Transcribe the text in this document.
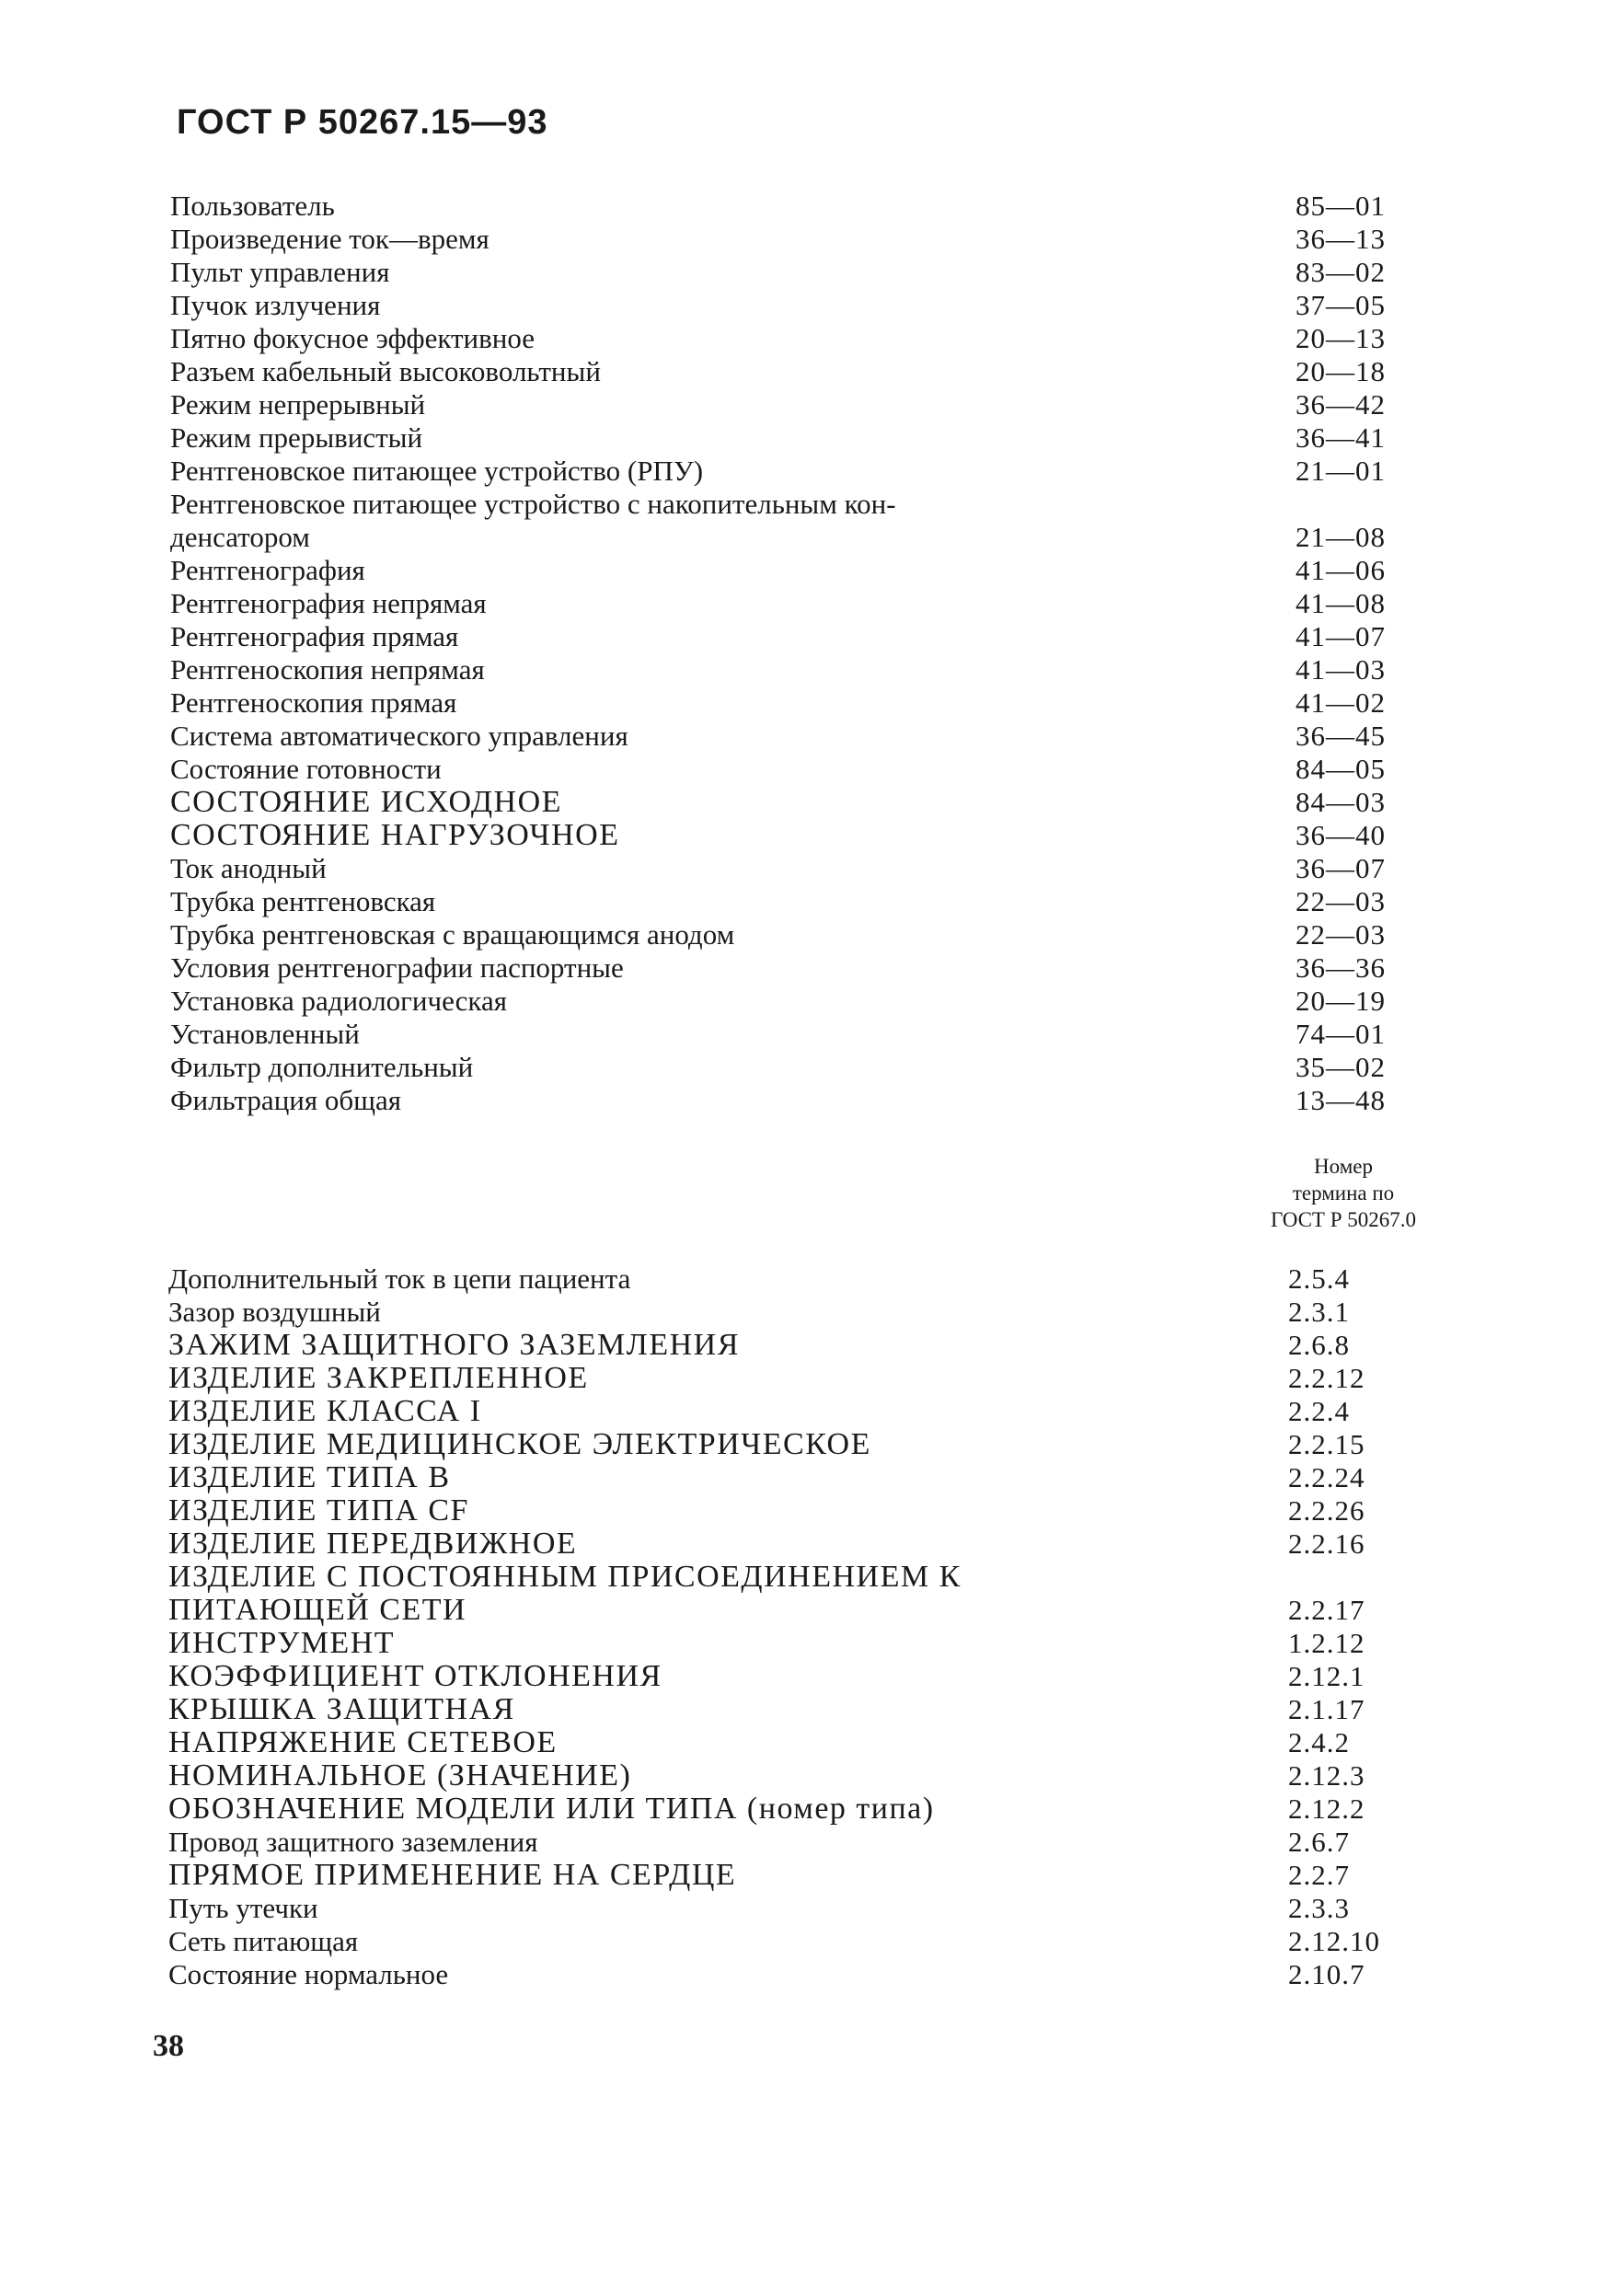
ГОСТ Р 50267.15—93
Пользователь	85—01
Произведение ток—время	36—13
Пульт управления	83—02
Пучок излучения	37—05
Пятно фокусное эффективное	20—13
Разъем кабельный высоковольтный	20—18
Режим непрерывный	36—42
Режим прерывистый	36—41
Рентгеновское питающее устройство (РПУ)	21—01
Рентгеновское питающее устройство с накопительным кон-
денсатором	21—08
Рентгенография	41—06
Рентгенография непрямая	41—08
Рентгенография прямая	41—07
Рентгеноскопия непрямая	41—03
Рентгеноскопия прямая	41—02
Система автоматического управления	36—45
Состояние готовности	84—05
СОСТОЯНИЕ ИСХОДНОЕ	84—03
СОСТОЯНИЕ НАГРУЗОЧНОЕ	36—40
Ток анодный	36—07
Трубка рентгеновская	22—03
Трубка рентгеновская с вращающимся анодом	22—03
Условия рентгенографии паспортные	36—36
Установка радиологическая	20—19
Установленный	74—01
Фильтр дополнительный	35—02
Фильтрация общая	13—48
Номер
термина по
ГОСТ Р 50267.0
Дополнительный ток в цепи пациента	2.5.4
Зазор воздушный	2.3.1
ЗАЖИМ ЗАЩИТНОГО ЗАЗЕМЛЕНИЯ	2.6.8
ИЗДЕЛИЕ ЗАКРЕПЛЕННОЕ	2.2.12
ИЗДЕЛИЕ КЛАССА I	2.2.4
ИЗДЕЛИЕ МЕДИЦИНСКОЕ ЭЛЕКТРИЧЕСКОЕ	2.2.15
ИЗДЕЛИЕ ТИПА В	2.2.24
ИЗДЕЛИЕ ТИПА CF	2.2.26
ИЗДЕЛИЕ ПЕРЕДВИЖНОЕ	2.2.16
ИЗДЕЛИЕ С ПОСТОЯННЫМ ПРИСОЕДИНЕНИЕМ К
ПИТАЮЩЕЙ СЕТИ	2.2.17
ИНСТРУМЕНТ	1.2.12
КОЭФФИЦИЕНТ ОТКЛОНЕНИЯ	2.12.1
КРЫШКА ЗАЩИТНАЯ	2.1.17
НАПРЯЖЕНИЕ СЕТЕВОЕ	2.4.2
НОМИНАЛЬНОЕ (ЗНАЧЕНИЕ)	2.12.3
ОБОЗНАЧЕНИЕ МОДЕЛИ ИЛИ ТИПА (номер типа)	2.12.2
Провод защитного заземления	2.6.7
ПРЯМОЕ ПРИМЕНЕНИЕ НА СЕРДЦЕ	2.2.7
Путь утечки	2.3.3
Сеть питающая	2.12.10
Состояние нормальное	2.10.7
38
